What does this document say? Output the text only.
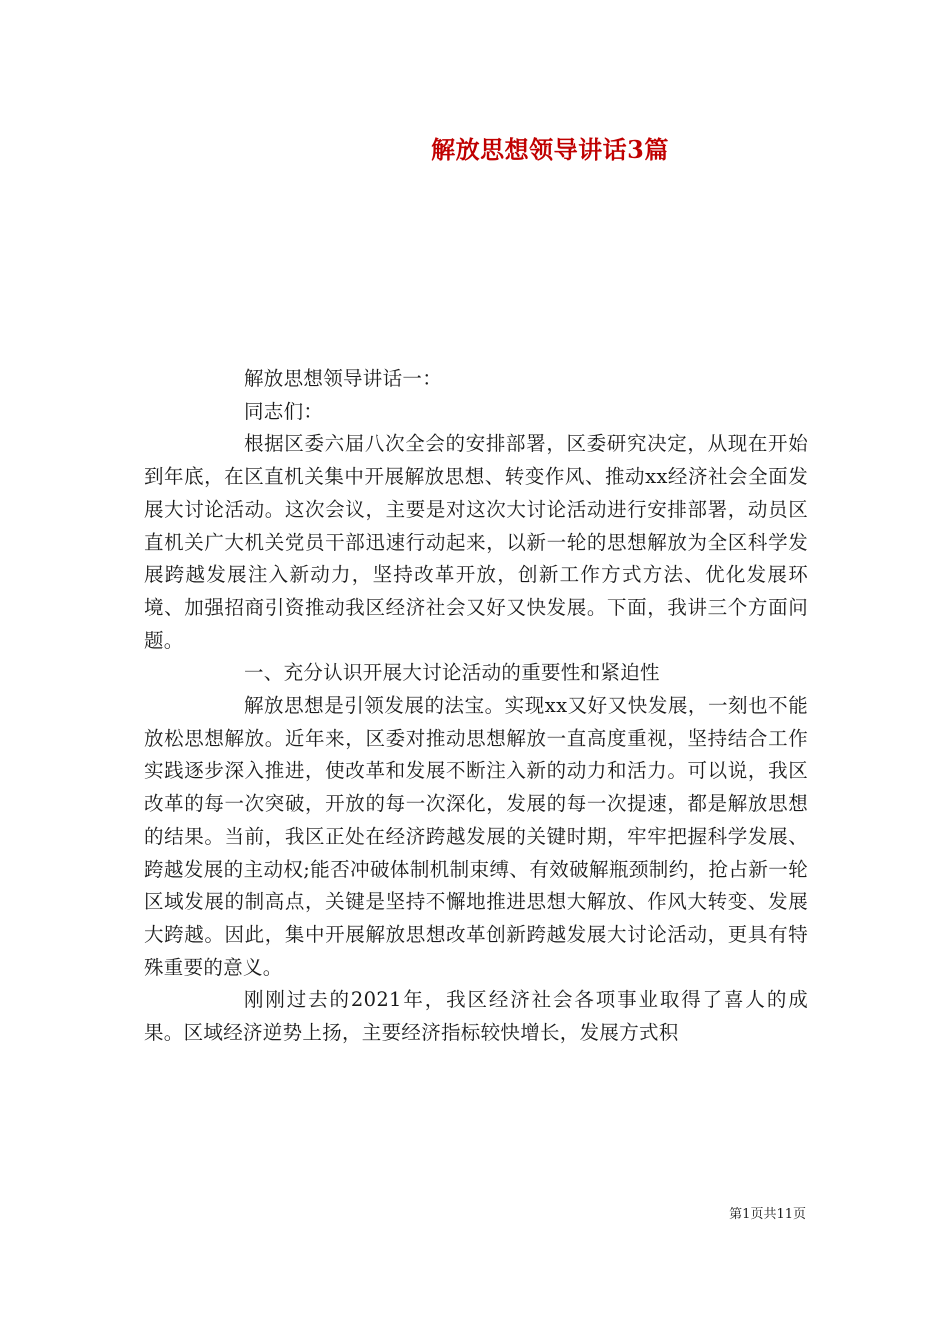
解放思想领导讲话3篇

解放思想领导讲话一：

同志们：

根据区委六届八次全会的安排部署，区委研究决定，从现在开始到年底，在区直机关集中开展解放思想、转变作风、推动xx经济社会全面发展大讨论活动。这次会议，主要是对这次大讨论活动进行安排部署，动员区直机关广大机关党员干部迅速行动起来，以新一轮的思想解放为全区科学发展跨越发展注入新动力，坚持改革开放，创新工作方式方法、优化发展环境、加强招商引资推动我区经济社会又好又快发展。下面，我讲三个方面问题。

一、充分认识开展大讨论活动的重要性和紧迫性

解放思想是引领发展的法宝。实现xx又好又快发展，一刻也不能放松思想解放。近年来，区委对推动思想解放一直高度重视，坚持结合工作实践逐步深入推进，使改革和发展不断注入新的动力和活力。可以说，我区改革的每一次突破，开放的每一次深化，发展的每一次提速，都是解放思想的结果。当前，我区正处在经济跨越发展的关键时期，牢牢把握科学发展、跨越发展的主动权;能否冲破体制机制束缚、有效破解瓶颈制约，抢占新一轮区域发展的制高点，关键是坚持不懈地推进思想大解放、作风大转变、发展大跨越。因此，集中开展解放思想改革创新跨越发展大讨论活动，更具有特殊重要的意义。

刚刚过去的2021年，我区经济社会各项事业取得了喜人的成果。区域经济逆势上扬，主要经济指标较快增长，发展方式积

第1页共11页
